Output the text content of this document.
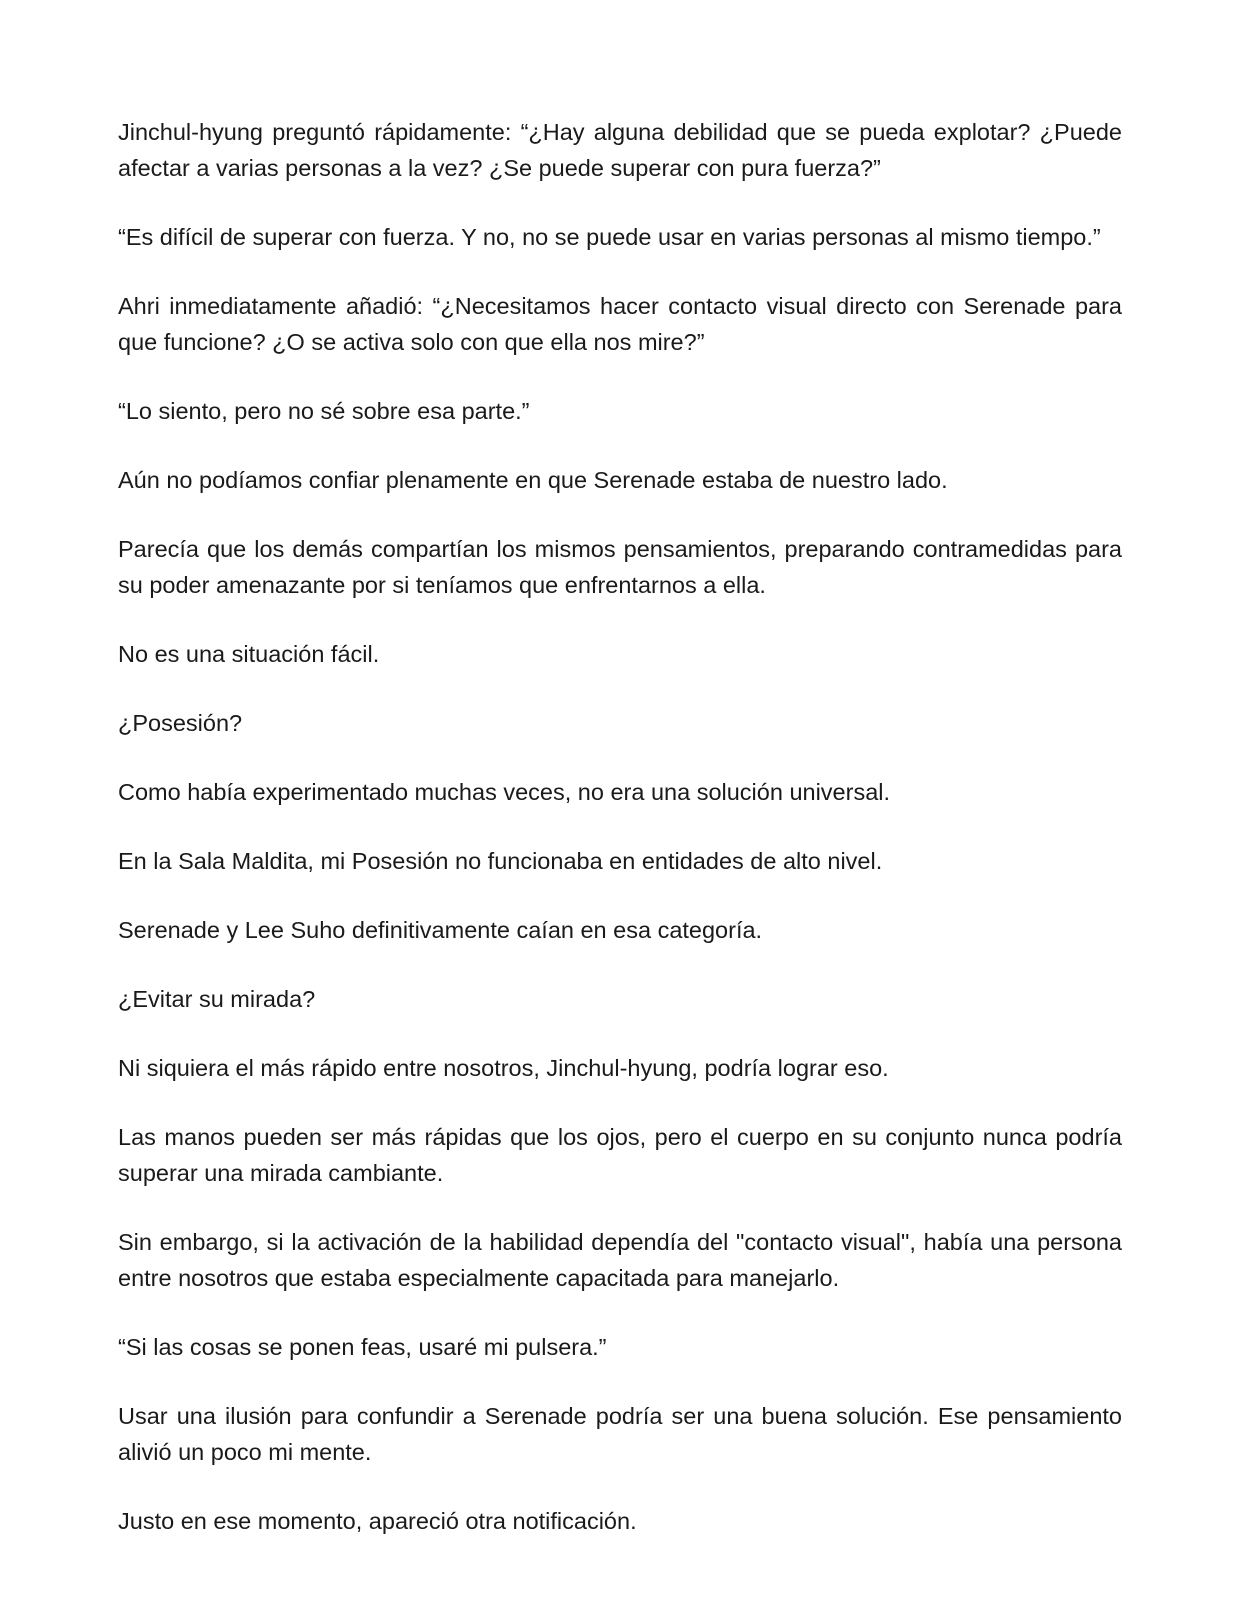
Jinchul-hyung preguntó rápidamente: “¿Hay alguna debilidad que se pueda explotar? ¿Puede afectar a varias personas a la vez? ¿Se puede superar con pura fuerza?”

“Es difícil de superar con fuerza. Y no, no se puede usar en varias personas al mismo tiempo.”

Ahri inmediatamente añadió: “¿Necesitamos hacer contacto visual directo con Serenade para que funcione? ¿O se activa solo con que ella nos mire?”

“Lo siento, pero no sé sobre esa parte.”

Aún no podíamos confiar plenamente en que Serenade estaba de nuestro lado.

Parecía que los demás compartían los mismos pensamientos, preparando contramedidas para su poder amenazante por si teníamos que enfrentarnos a ella.

No es una situación fácil.

¿Posesión?

Como había experimentado muchas veces, no era una solución universal.

En la Sala Maldita, mi Posesión no funcionaba en entidades de alto nivel.

Serenade y Lee Suho definitivamente caían en esa categoría.

¿Evitar su mirada?

Ni siquiera el más rápido entre nosotros, Jinchul-hyung, podría lograr eso.

Las manos pueden ser más rápidas que los ojos, pero el cuerpo en su conjunto nunca podría superar una mirada cambiante.

Sin embargo, si la activación de la habilidad dependía del "contacto visual", había una persona entre nosotros que estaba especialmente capacitada para manejarlo.

“Si las cosas se ponen feas, usaré mi pulsera.”

Usar una ilusión para confundir a Serenade podría ser una buena solución. Ese pensamiento alivió un poco mi mente.

Justo en ese momento, apareció otra notificación.
